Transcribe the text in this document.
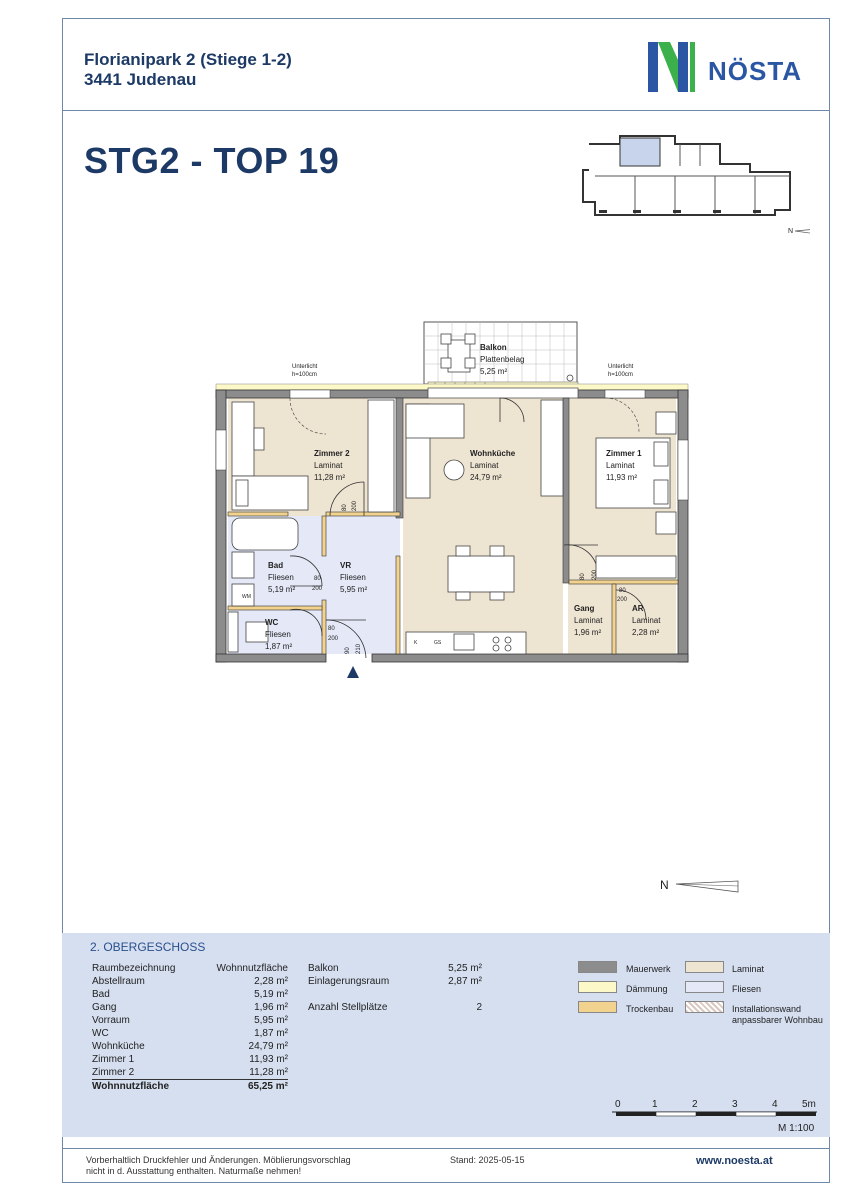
Florianipark 2 (Stiege 1-2)
3441 Judenau	NÖSTA
STG2 - TOP 19
N
WM
K	GS
Unterlicht
h=100cm
Unterlicht
h=100cm
Balkon
Plattenbelag
5,25 m²
Zimmer 2
Laminat
11,28 m²
Wohnküche
Laminat
24,79 m²
Zimmer 1
Laminat
11,93 m²
Bad
Fliesen
5,19 m²
VR
Fliesen
5,95 m²
WC
Fliesen
1,87 m²
Gang
Laminat
1,96 m²
AR
Laminat
2,28 m²
80 200
80
200
80
200
90 210
80 200
80
200
N
2. OBERGESCHOSS
Raumbezeichnung	Wohnnutzfläche
Abstellraum	2,28 m²
Bad	5,19 m²
Gang	1,96 m²
Vorraum	5,95 m²
WC	1,87 m²
Wohnküche	24,79 m²
Zimmer 1	11,93 m²
Zimmer 2	11,28 m²
Wohnnutzfläche	65,25 m²
Balkon	5,25 m²
Einlagerungsraum	2,87 m²
Anzahl Stellplätze	2
Mauerwerk
Dämmung
Trockenbau
Laminat
Fliesen
Installationswand
anpassbarer Wohnbau
0	1	2	3	4 5m
M 1:100
Vorberhaltlich Druckfehler und Änderungen. Möblierungsvorschlag
nicht in d. Ausstattung enthalten. Naturmaße nehmen!
Stand: 2025-05-15	www.noesta.at
